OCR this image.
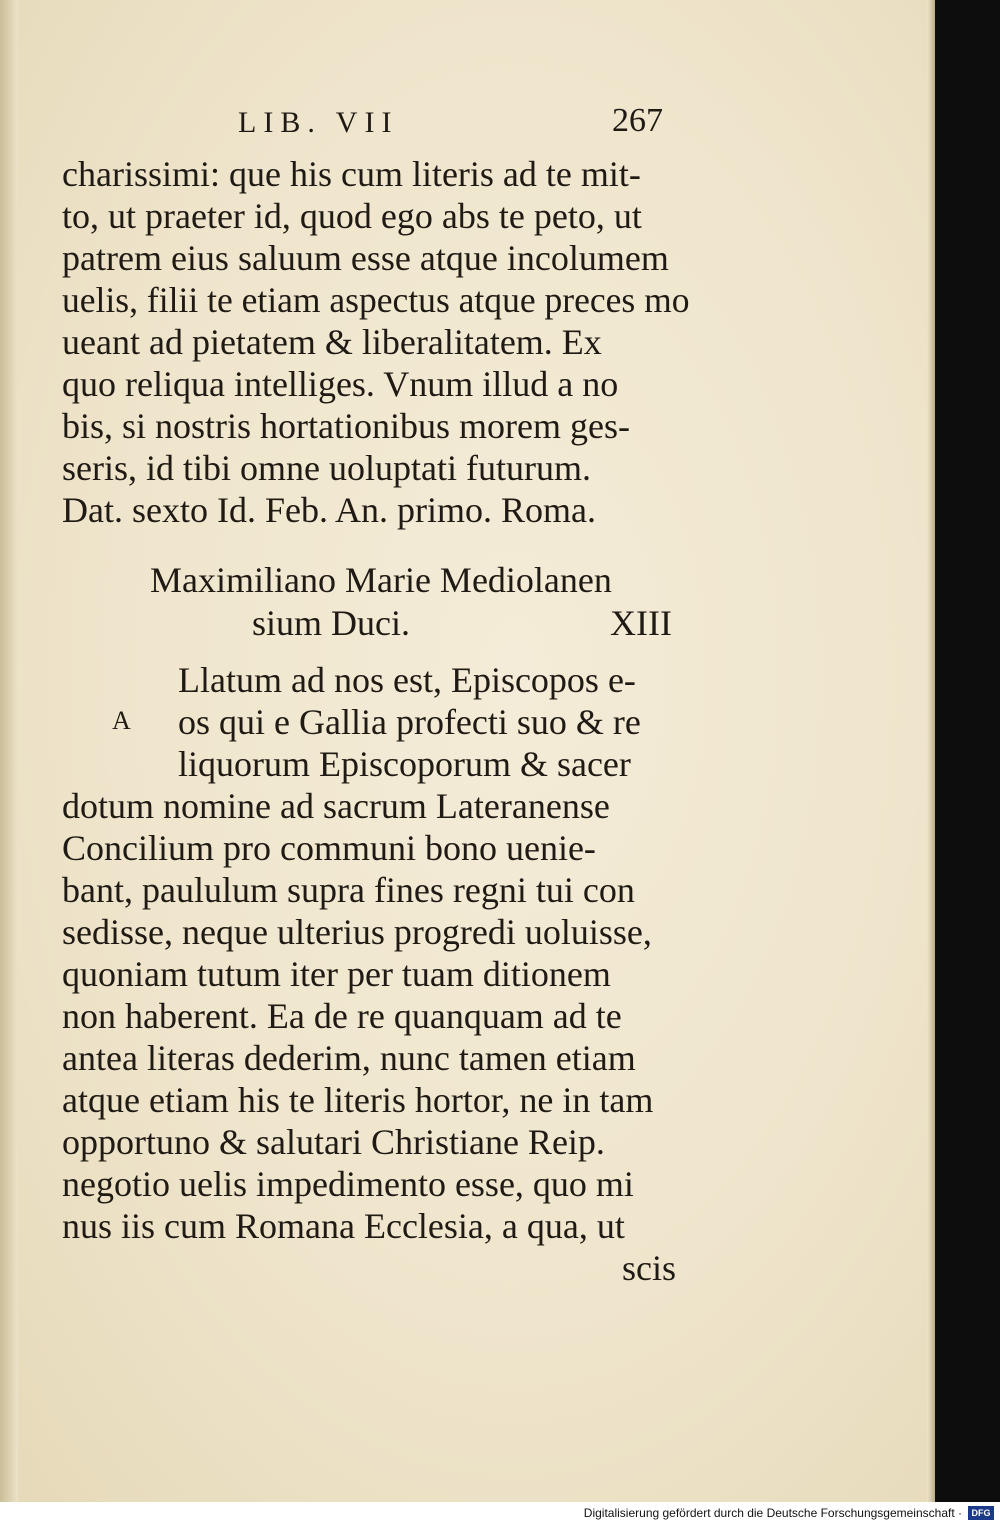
LIB. VII	267
charissimi: que his cum literis ad te mit-
to, ut praeter id, quod ego abs te peto, ut
patrem eius saluum esse atque incolumem
uelis, filii te etiam aspectus atque preces mo
ueant ad pietatem & liberalitatem. Ex
quo reliqua intelliges. Vnum illud a no
bis, si nostris hortationibus morem ges-
seris, id tibi omne uoluptati futurum.
Dat. sexto Id. Feb. An. primo. Roma.
Maximiliano Marie Mediolanen
sium Duci.	XIII
A
Llatum ad nos est, Episcopos e-
os qui e Gallia profecti suo & re
liquorum Episcoporum & sacer
dotum nomine ad sacrum Lateranense
Concilium pro communi bono uenie-
bant, paululum supra fines regni tui con
sedisse, neque ulterius progredi uoluisse,
quoniam tutum iter per tuam ditionem
non haberent. Ea de re quanquam ad te
antea literas dederim, nunc tamen etiam
atque etiam his te literis hortor, ne in tam
opportuno & salutari Christiane Reip.
negotio uelis impedimento esse, quo mi
nus iis cum Romana Ecclesia, a qua, ut
scis
Digitalisierung gefördert durch die Deutsche Forschungsgemeinschaft ·	DFG
